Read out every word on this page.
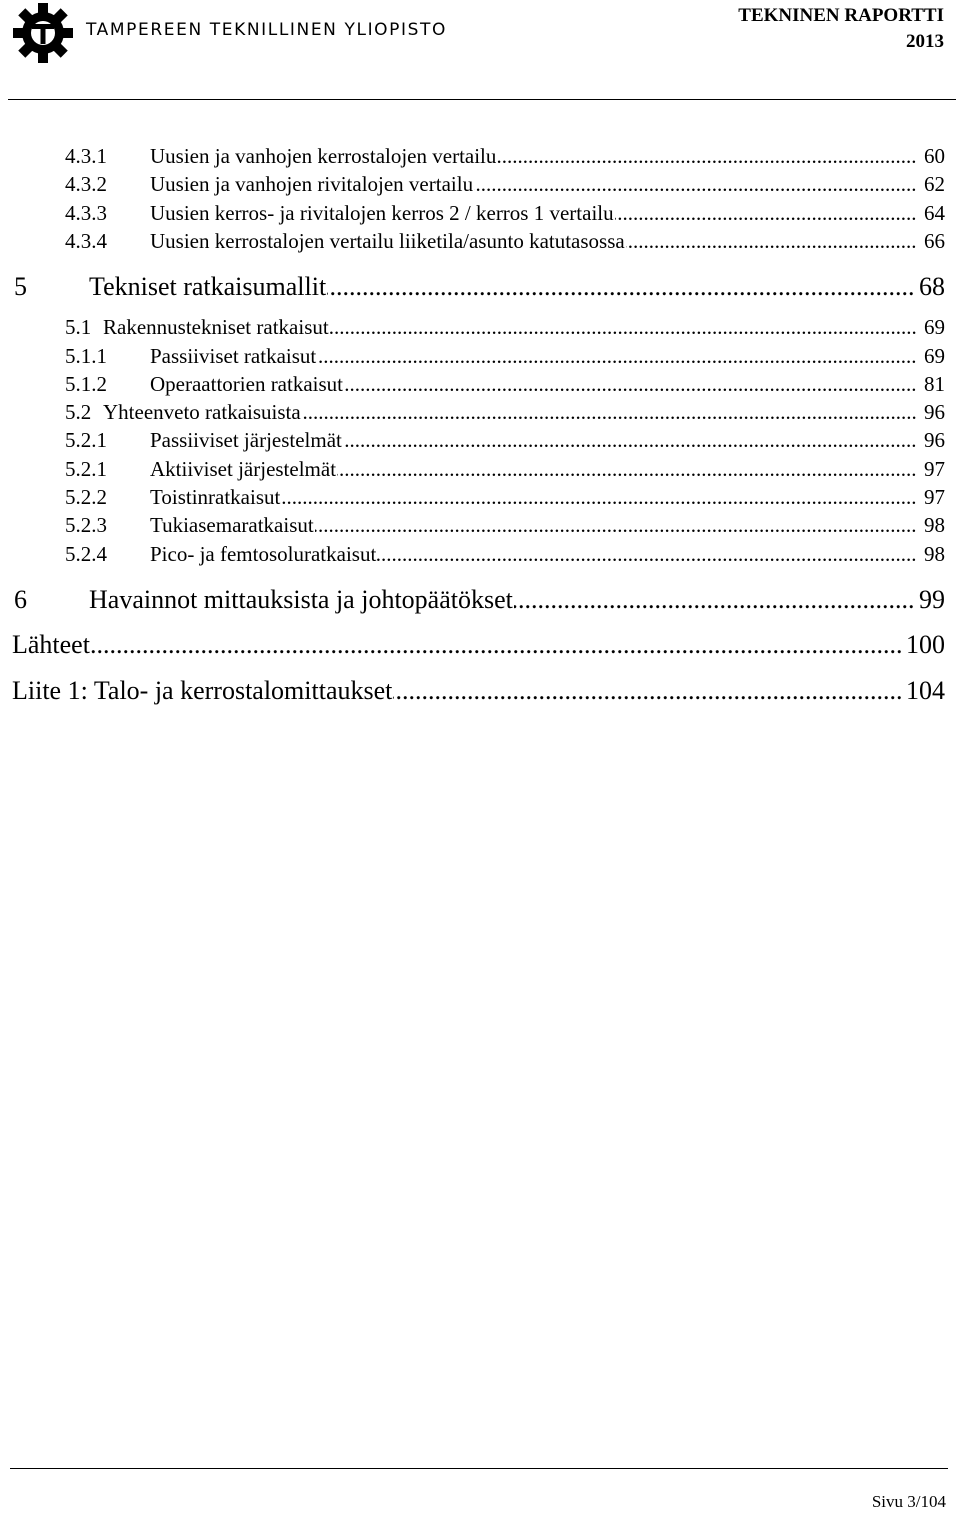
TAMPEREEN TEKNILLINEN YLIOPISTO
TEKNINEN RAPORTTI
2013
4.3.1 Uusien ja vanhojen kerrostalojen vertailu .....	60
4.3.2 Uusien ja vanhojen rivitalojen vertailu .....	62
4.3.3 Uusien kerros- ja rivitalojen kerros 2 / kerros 1 vertailu .....	64
4.3.4 Uusien kerrostalojen vertailu liiketila/asunto katutasossa .....	66
5 Tekniset ratkaisumallit .....	68
5.1 Rakennustekniset ratkaisut .....	69
5.1.1 Passiiviset ratkaisut .....	69
5.1.2 Operaattorien ratkaisut .....	81
5.2 Yhteenveto ratkaisuista .....	96
5.2.1 Passiiviset järjestelmät .....	96
5.2.1 Aktiiviset järjestelmät .....	97
5.2.2 Toistinratkaisut .....	97
5.2.3 Tukiasemaratkaisut .....	98
5.2.4 Pico- ja femtosoluratkaisut .....	98
6 Havainnot mittauksista ja johtopäätökset .....	99
Lähteet .....	100
Liite 1: Talo- ja kerrostalomittaukset .....	104
Sivu 3/104
